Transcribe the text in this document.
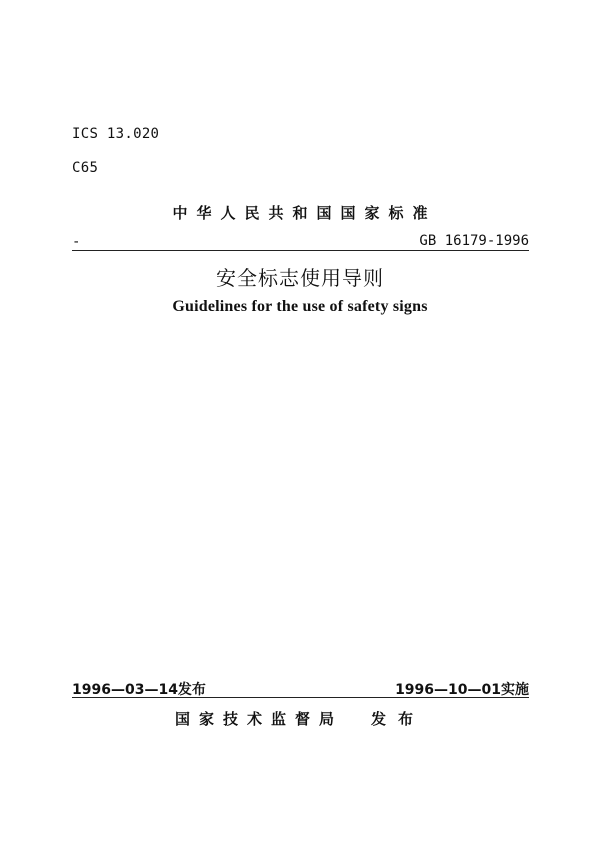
ICS 13.020
C65
中华人民共和国国家标准
-	GB 16179-1996
安全标志使用导则
Guidelines for the use of safety signs
1996—03—14发布	1996—10—01实施
国家技术监督局 发布
